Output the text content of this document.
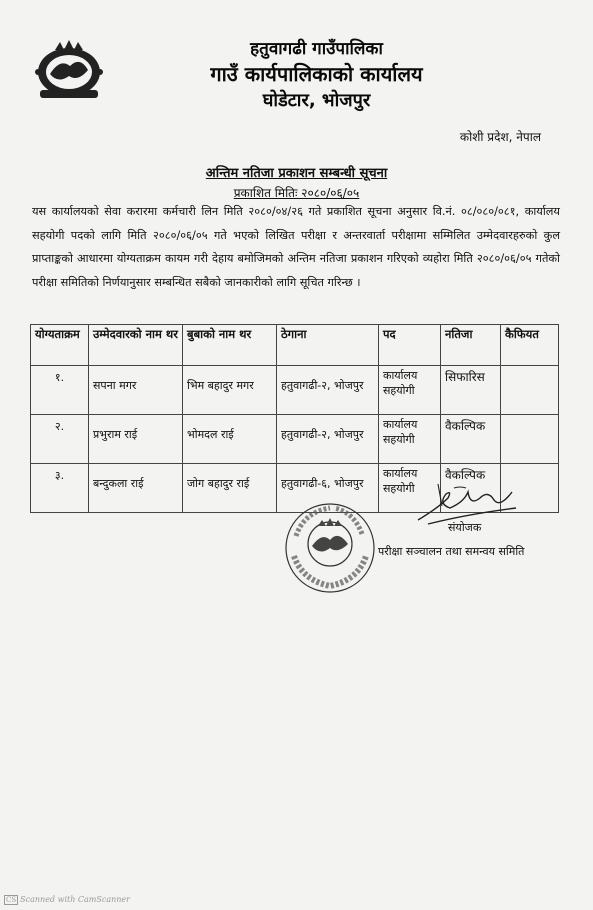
हतुवागढी गाउँपालिका
गाउँ कार्यपालिकाको कार्यालय
घोडेटार, भोजपुर
कोशी प्रदेश, नेपाल
अन्तिम नतिजा प्रकाशन सम्बन्धी सूचना
प्रकाशित मितिः २०८०/०६/०५
यस कार्यालयको सेवा करारमा कर्मचारी लिन मिति २०८०/०४/२६ गते प्रकाशित सूचना अनुसार वि.नं. ०८/०८०/०८१, कार्यालय सहयोगी पदको लागि मिति २०८०/०६/०५ गते भएको लिखित परीक्षा र अन्तरवार्ता परीक्षामा सम्मिलित उम्मेदवारहरुको कुल प्राप्ताङ्कको आधारमा योग्यताक्रम कायम गरी देहाय बमोजिमको अन्तिम नतिजा प्रकाशन गरिएको व्यहोरा मिति २०८०/०६/०५ गतेको परीक्षा समितिको निर्णयानुसार सम्बन्धित सबैको जानकारीको लागि सूचित गरिन्छ ।
योग्यताक्रम	उम्मेदवारको नाम थर	बुबाको नाम थर	ठेगाना	पद	नतिजा	कैफियत
१.	सपना मगर	भिम बहादुर मगर	हतुवागढी-२, भोजपुर	कार्यालय सहयोगी	सिफारिस	
२.	प्रभुराम राई	भोमदल राई	हतुवागढी-२, भोजपुर	कार्यालय सहयोगी	वैकल्पिक	
३.	बन्दुकला राई	जोग बहादुर राई	हतुवागढी-६, भोजपुर	कार्यालय सहयोगी	वैकल्पिक	
संयोजक
परीक्षा सञ्चालन तथा समन्वय समिति
CS Scanned with CamScanner
